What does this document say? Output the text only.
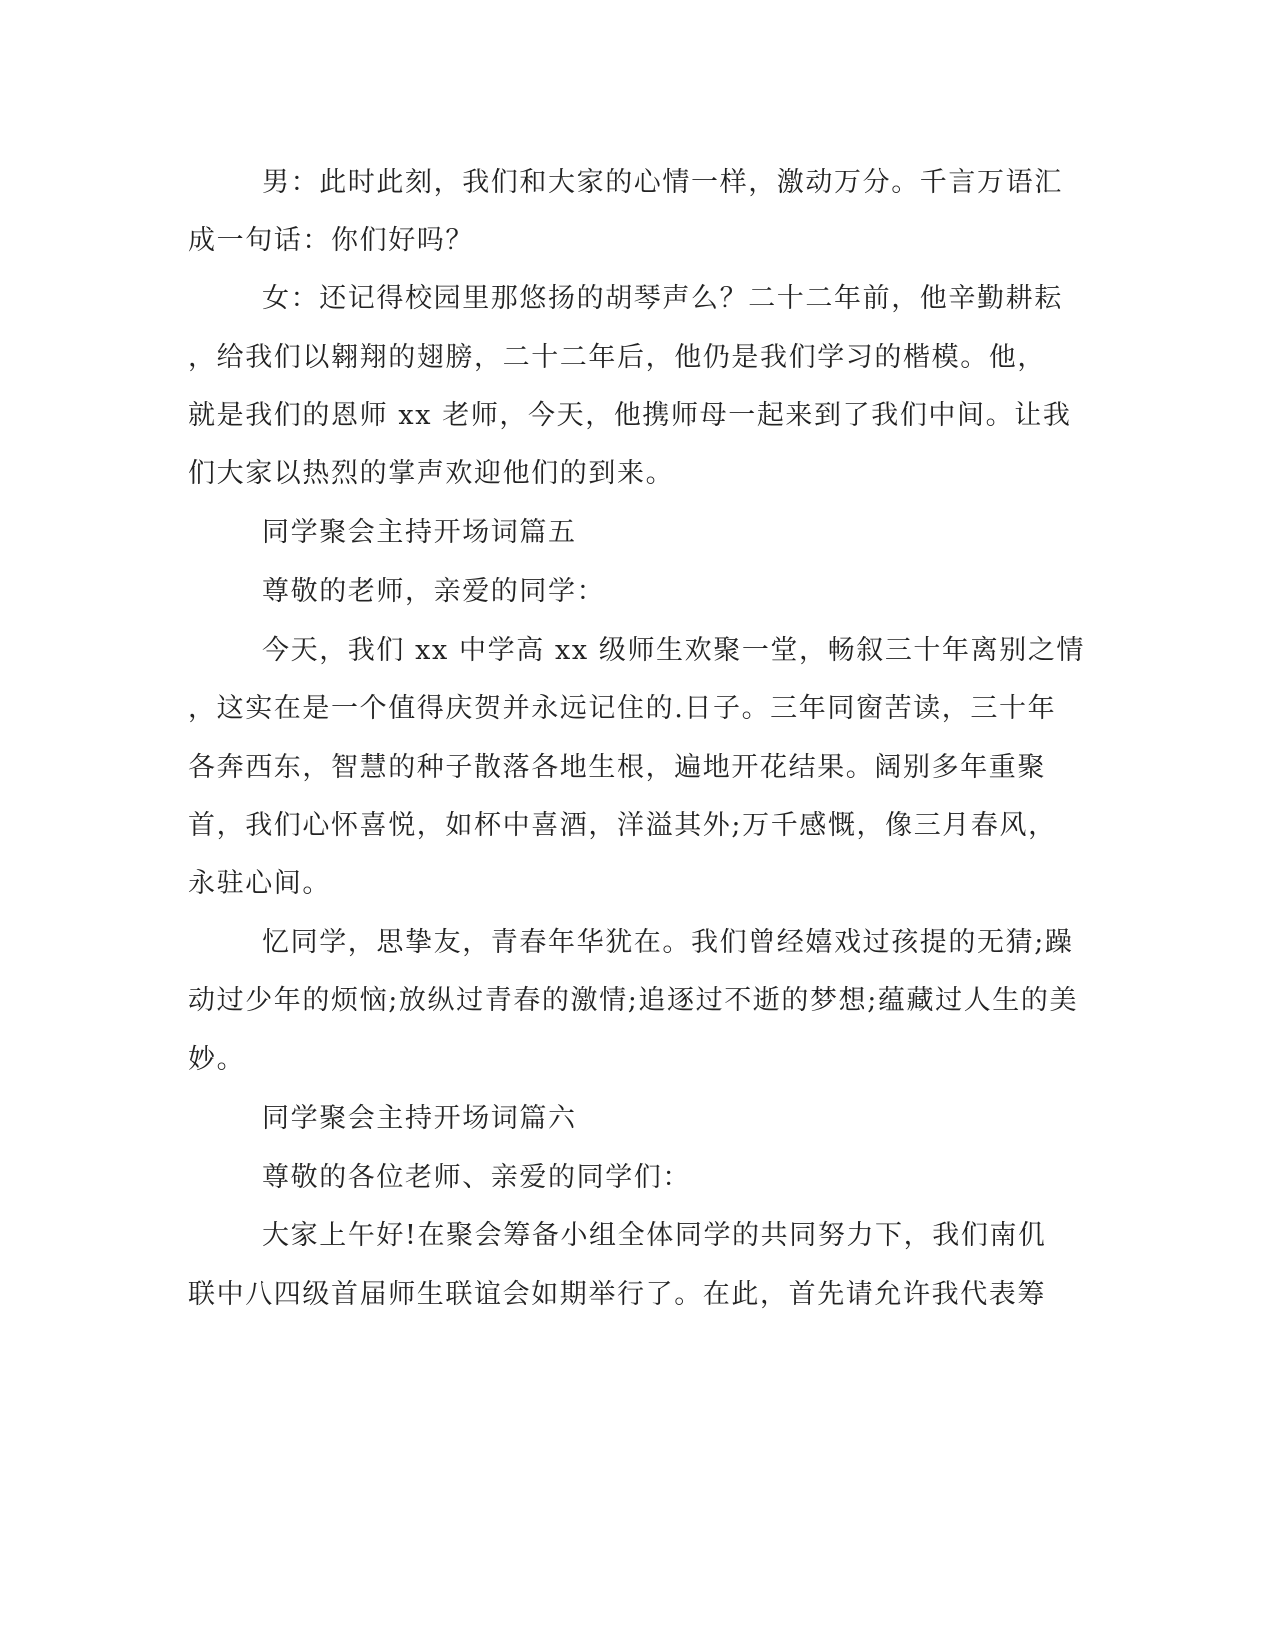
男：此时此刻，我们和大家的心情一样，激动万分。千言万语汇
成一句话：你们好吗？
女：还记得校园里那悠扬的胡琴声么？二十二年前，他辛勤耕耘
，给我们以翱翔的翅膀，二十二年后，他仍是我们学习的楷模。他，
就是我们的恩师 xx 老师，今天，他携师母一起来到了我们中间。让我
们大家以热烈的掌声欢迎他们的到来。
同学聚会主持开场词篇五
尊敬的老师，亲爱的同学：
今天，我们 xx 中学高 xx 级师生欢聚一堂，畅叙三十年离别之情
，这实在是一个值得庆贺并永远记住的.日子。三年同窗苦读，三十年
各奔西东，智慧的种子散落各地生根，遍地开花结果。阔别多年重聚
首，我们心怀喜悦，如杯中喜酒，洋溢其外;万千感慨，像三月春风，
永驻心间。
忆同学，思挚友，青春年华犹在。我们曾经嬉戏过孩提的无猜;躁
动过少年的烦恼;放纵过青春的激情;追逐过不逝的梦想;蕴藏过人生的美
妙。
同学聚会主持开场词篇六
尊敬的各位老师、亲爱的同学们：
大家上午好!在聚会筹备小组全体同学的共同努力下，我们南仉
联中八四级首届师生联谊会如期举行了。在此，首先请允许我代表筹
